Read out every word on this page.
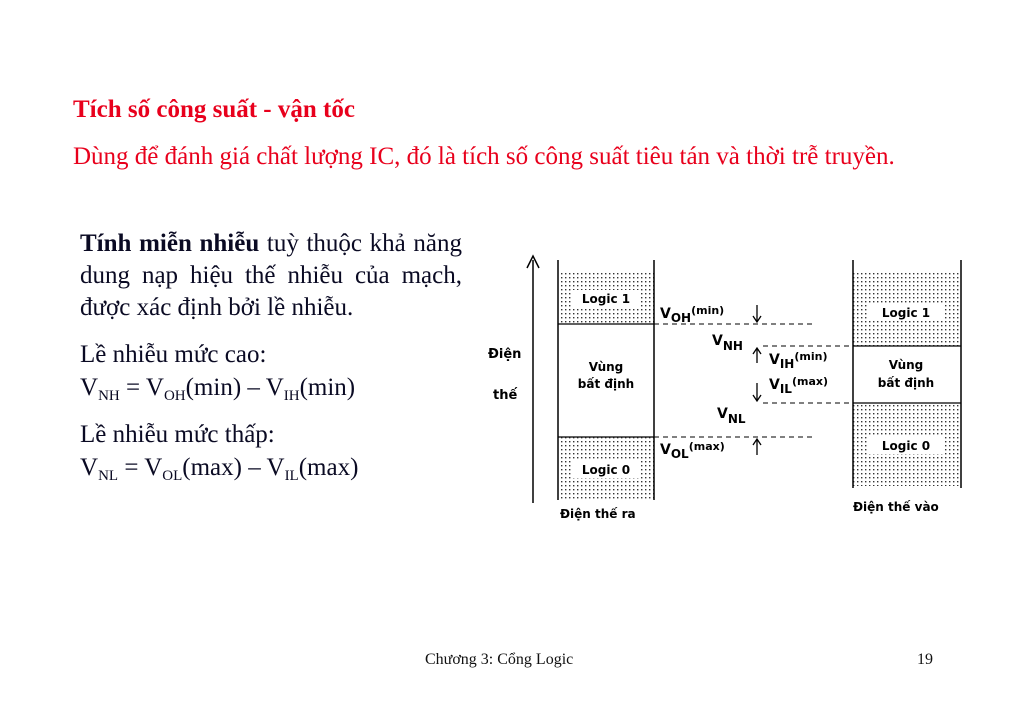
Tích số công suất - vận tốc
Dùng để đánh giá chất lượng IC, đó là tích số công suất tiêu tán và thời trễ truyền.

Tính miễn nhiễu tuỳ thuộc khả năng dung nạp hiệu thế nhiễu của mạch, được xác định bởi lề nhiễu.

Lề nhiễu mức cao:
$V_{NH} = V_{OH}(\min) - V_{IH}(\min)$
Lề nhiễu mức thấp:
$V_{NL} = V_{OL}(\max) - V_{IL}(\max)$
Điện
thế
Logic 1
Vùng
bất định
Logic 0
Điện thế ra
Logic 1
Vùng
bất định
Logic 0
Điện thế vào
$VOH^{(min)}$
VNH
$VIH^{(min)}$
$VIL^{(max)}$
VNL
$VOL^{(max)}$
Chương 3: Cổng Logic	19
